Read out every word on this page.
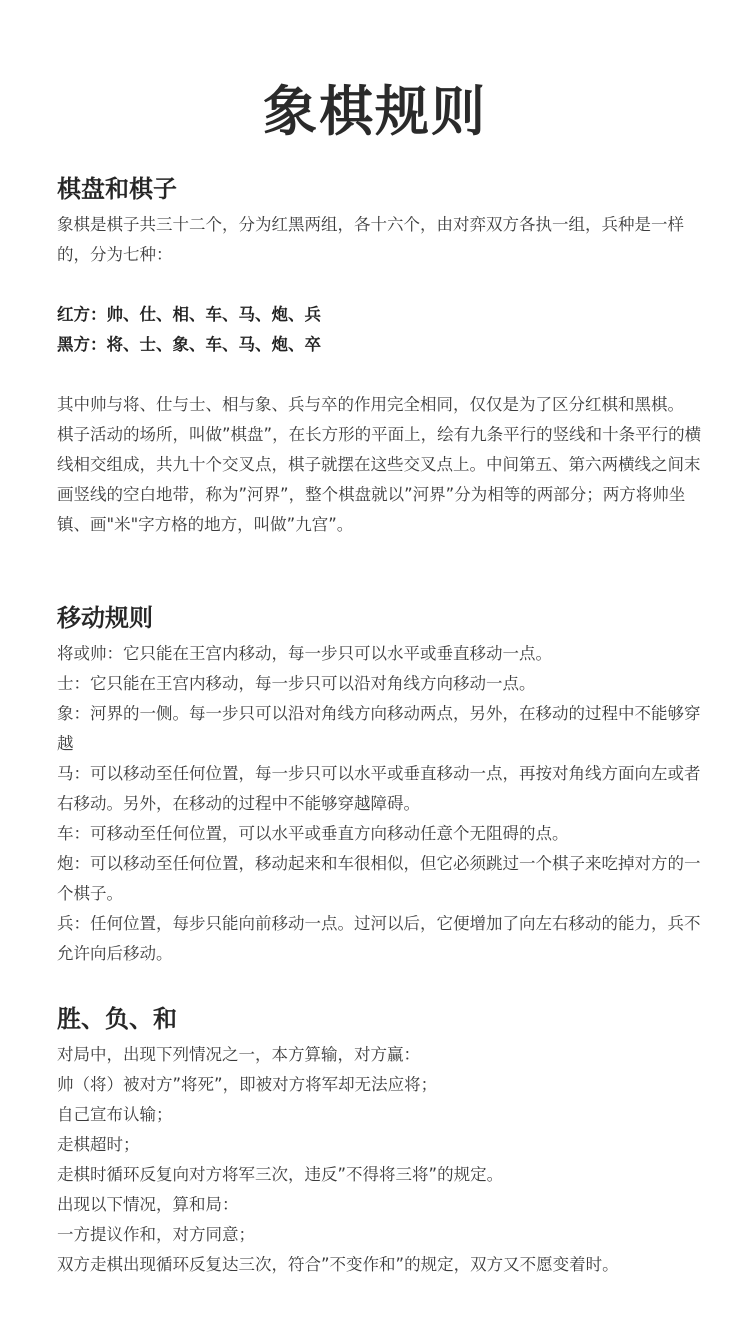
象棋规则
棋盘和棋子

象棋是棋子共三十二个，分为红黑两组，各十六个，由对弈双方各执一组，兵种是一样的，分为七种：

红方：帅、仕、相、车、马、炮、兵

黑方：将、士、象、车、马、炮、卒

其中帅与将、仕与士、相与象、兵与卒的作用完全相同，仅仅是为了区分红棋和黑棋。

棋子活动的场所，叫做”棋盘”，在长方形的平面上，绘有九条平行的竖线和十条平行的横线相交组成，共九十个交叉点，棋子就摆在这些交叉点上。中间第五、第六两横线之间末画竖线的空白地带，称为”河界”，整个棋盘就以”河界”分为相等的两部分；两方将帅坐镇、画"米"字方格的地方，叫做”九宫”。

移动规则

将或帅：它只能在王宫内移动，每一步只可以水平或垂直移动一点。

士：它只能在王宫内移动，每一步只可以沿对角线方向移动一点。

象：河界的一侧。每一步只可以沿对角线方向移动两点，另外，在移动的过程中不能够穿越

马：可以移动至任何位置，每一步只可以水平或垂直移动一点，再按对角线方面向左或者右移动。另外，在移动的过程中不能够穿越障碍。

车：可移动至任何位置，可以水平或垂直方向移动任意个无阻碍的点。

炮：可以移动至任何位置，移动起来和车很相似，但它必须跳过一个棋子来吃掉对方的一个棋子。

兵：任何位置，每步只能向前移动一点。过河以后，它便增加了向左右移动的能力，兵不允许向后移动。

胜、负、和

对局中，出现下列情况之一，本方算输，对方赢：

帅（将）被对方”将死”，即被对方将军却无法应将；

自己宣布认输；

走棋超时；

走棋时循环反复向对方将军三次，违反”不得将三将”的规定。

出现以下情况，算和局：

一方提议作和，对方同意；

双方走棋出现循环反复达三次，符合”不变作和”的规定，双方又不愿变着时。
